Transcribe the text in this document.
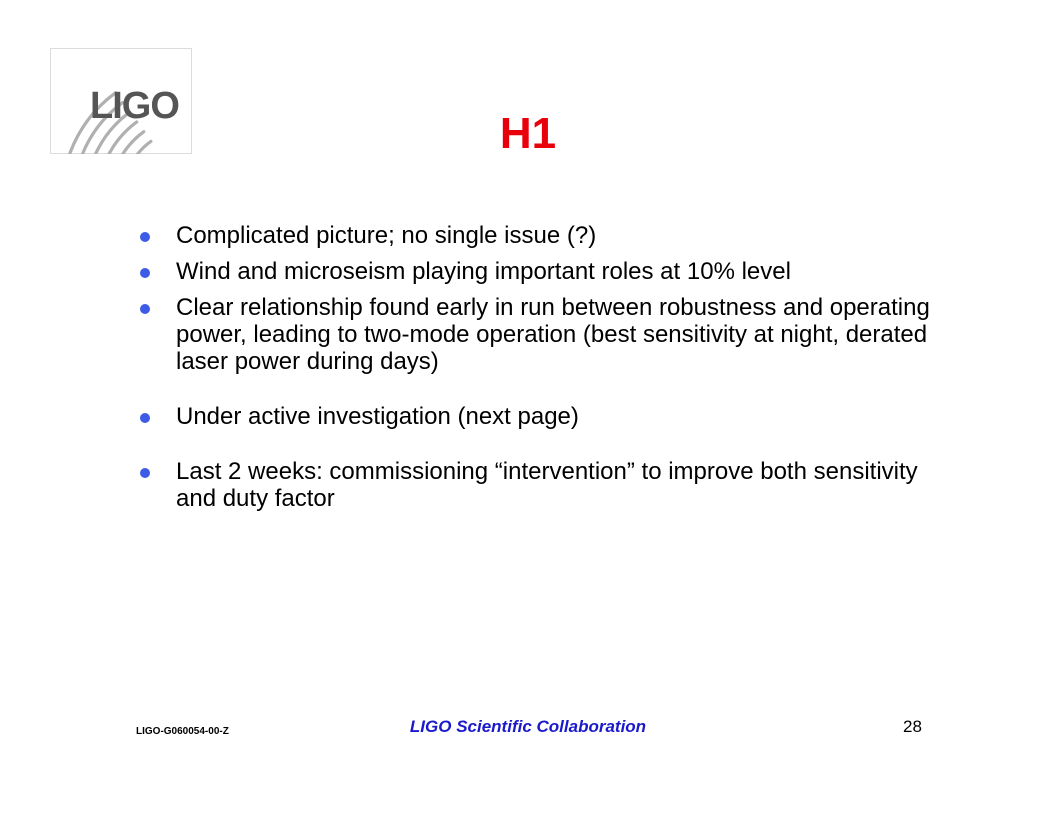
LIGO
H1
Complicated picture; no single issue (?)
Wind and microseism playing important roles at 10% level
Clear relationship found early in run between robustness and operating power, leading to two-mode operation (best sensitivity at night, derated laser power during days)
Under active investigation (next page)
Last 2 weeks: commissioning “intervention” to improve both sensitivity and duty factor
LIGO-G060054-00-Z	LIGO Scientific Collaboration	28
